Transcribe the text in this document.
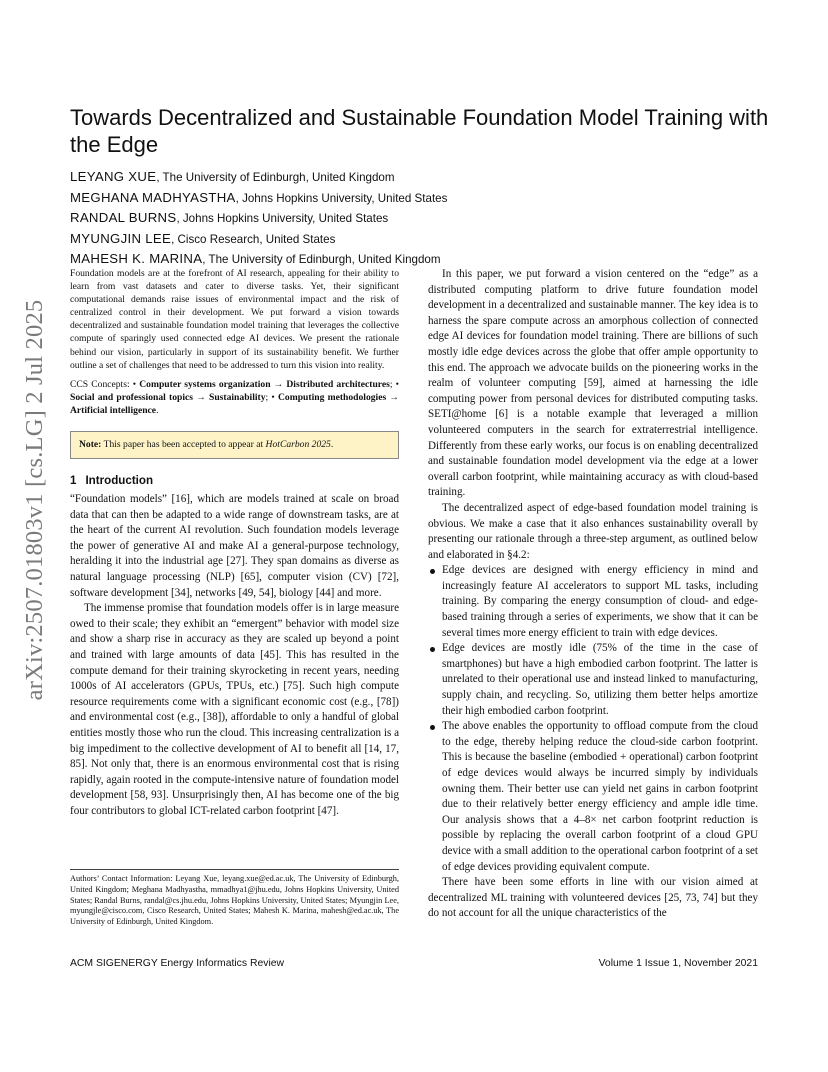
arXiv:2507.01803v1 [cs.LG] 2 Jul 2025
Towards Decentralized and Sustainable Foundation Model Training with the Edge
LEYANG XUE, The University of Edinburgh, United Kingdom
MEGHANA MADHYASTHA, Johns Hopkins University, United States
RANDAL BURNS, Johns Hopkins University, United States
MYUNGJIN LEE, Cisco Research, United States
MAHESH K. MARINA, The University of Edinburgh, United Kingdom

Foundation models are at the forefront of AI research, appealing for their ability to learn from vast datasets and cater to diverse tasks. Yet, their significant computational demands raise issues of environmental impact and the risk of centralized control in their development. We put forward a vision towards decentralized and sustainable foundation model training that leverages the collective compute of sparingly used connected edge AI devices. We present the rationale behind our vision, particularly in support of its sustainability benefit. We further outline a set of challenges that need to be addressed to turn this vision into reality.

CCS Concepts: • Computer systems organization → Distributed architectures; • Social and professional topics → Sustainability; • Computing methodologies → Artificial intelligence.

Note: This paper has been accepted to appear at HotCarbon 2025.
1 Introduction

“Foundation models” [16], which are models trained at scale on broad data that can then be adapted to a wide range of downstream tasks, are at the heart of the current AI revolution. Such foundation models leverage the power of generative AI and make AI a general-purpose technology, heralding it into the industrial age [27]. They span domains as diverse as natural language processing (NLP) [65], computer vision (CV) [72], software development [34], networks [49, 54], biology [44] and more.

The immense promise that foundation models offer is in large measure owed to their scale; they exhibit an “emergent” behavior with model size and show a sharp rise in accuracy as they are scaled up beyond a point and trained with large amounts of data [45]. This has resulted in the compute demand for their training skyrocketing in recent years, needing 1000s of AI accelerators (GPUs, TPUs, etc.) [75]. Such high compute resource requirements come with a significant economic cost (e.g., [78]) and environmental cost (e.g., [38]), affordable to only a handful of global entities mostly those who run the cloud. This increasing centralization is a big impediment to the collective development of AI to benefit all [14, 17, 85]. Not only that, there is an enormous environmental cost that is rising rapidly, again rooted in the compute-intensive nature of foundation model development [58, 93]. Unsurprisingly then, AI has become one of the big four contributors to global ICT-related carbon footprint [47].

Authors’ Contact Information: Leyang Xue, leyang.xue@ed.ac.uk, The University of Edinburgh, United Kingdom; Meghana Madhyastha, mmadhya1@jhu.edu, Johns Hopkins University, United States; Randal Burns, randal@cs.jhu.edu, Johns Hopkins University, United States; Myungjin Lee, myungjle@cisco.com, Cisco Research, United States; Mahesh K. Marina, mahesh@ed.ac.uk, The University of Edinburgh, United Kingdom.

In this paper, we put forward a vision centered on the “edge” as a distributed computing platform to drive future foundation model development in a decentralized and sustainable manner. The key idea is to harness the spare compute across an amorphous collection of connected edge AI devices for foundation model training. There are billions of such mostly idle edge devices across the globe that offer ample opportunity to this end. The approach we advocate builds on the pioneering works in the realm of volunteer computing [59], aimed at harnessing the idle computing power from personal devices for distributed computing tasks. SETI@home [6] is a notable example that leveraged a million volunteered computers in the search for extraterrestrial intelligence. Differently from these early works, our focus is on enabling decentralized and sustainable foundation model development via the edge at a lower overall carbon footprint, while maintaining accuracy as with cloud-based training.

The decentralized aspect of edge-based foundation model training is obvious. We make a case that it also enhances sustainability overall by presenting our rationale through a three-step argument, as outlined below and elaborated in §4.2:

Edge devices are designed with energy efficiency in mind and increasingly feature AI accelerators to support ML tasks, including training. By comparing the energy consumption of cloud- and edge-based training through a series of experiments, we show that it can be several times more energy efficient to train with edge devices.
Edge devices are mostly idle (75% of the time in the case of smartphones) but have a high embodied carbon footprint. The latter is unrelated to their operational use and instead linked to manufacturing, supply chain, and recycling. So, utilizing them better helps amortize their high embodied carbon footprint.
The above enables the opportunity to offload compute from the cloud to the edge, thereby helping reduce the cloud-side carbon footprint. This is because the baseline (embodied + operational) carbon footprint of edge devices would always be incurred simply by individuals owning them. Their better use can yield net gains in carbon footprint due to their relatively better energy efficiency and ample idle time. Our analysis shows that a 4–8× net carbon footprint reduction is possible by replacing the overall carbon footprint of a cloud GPU device with a small addition to the operational carbon footprint of a set of edge devices providing equivalent compute.

There have been some efforts in line with our vision aimed at decentralized ML training with volunteered devices [25, 73, 74] but they do not account for all the unique characteristics of the

ACM SIGENERGY Energy Informatics Review	Volume 1 Issue 1, November 2021
